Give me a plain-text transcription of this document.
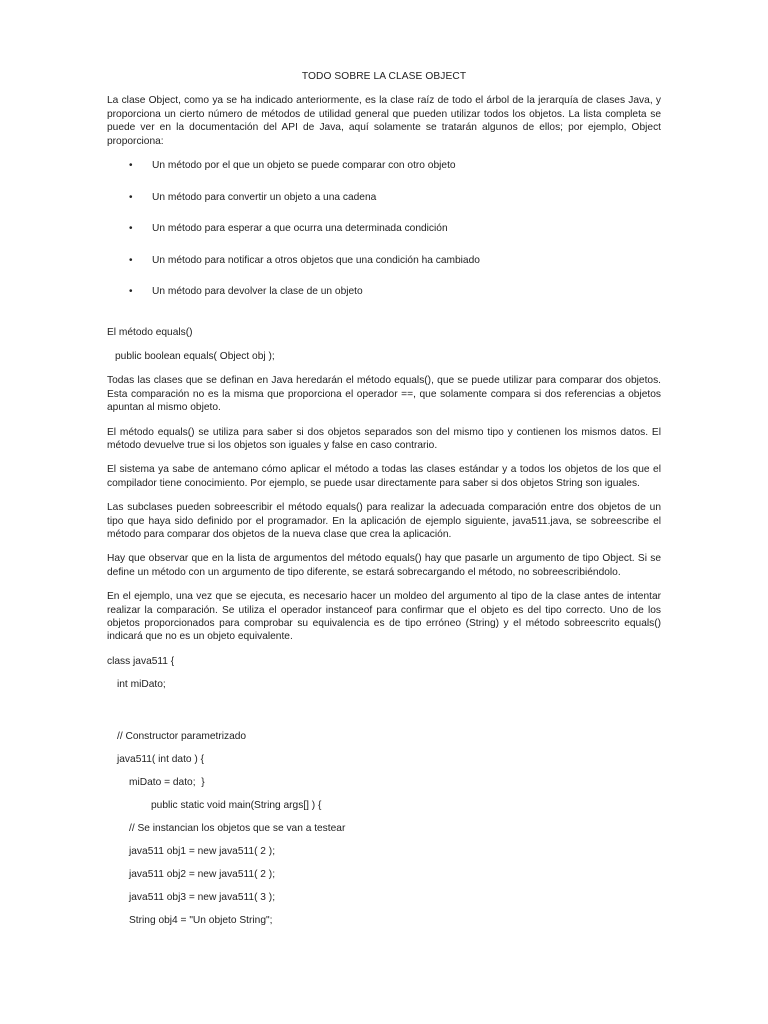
TODO SOBRE LA CLASE OBJECT
La clase Object, como ya se ha indicado anteriormente, es la clase raíz de todo el árbol de la jerarquía de clases Java, y proporciona un cierto número de métodos de utilidad general que pueden utilizar todos los objetos. La lista completa se puede ver en la documentación del API de Java, aquí solamente se tratarán algunos de ellos; por ejemplo, Object proporciona:
• Un método por el que un objeto se puede comparar con otro objeto
• Un método para convertir un objeto a una cadena
• Un método para esperar a que ocurra una determinada condición
• Un método para notificar a otros objetos que una condición ha cambiado
• Un método para devolver la clase de un objeto
El método equals()
public boolean equals( Object obj );
Todas las clases que se definan en Java heredarán el método equals(), que se puede utilizar para comparar dos objetos. Esta comparación no es la misma que proporciona el operador ==, que solamente compara si dos referencias a objetos apuntan al mismo objeto.
El método equals() se utiliza para saber si dos objetos separados son del mismo tipo y contienen los mismos datos. El método devuelve true si los objetos son iguales y false en caso contrario.
El sistema ya sabe de antemano cómo aplicar el método a todas las clases estándar y a todos los objetos de los que el compilador tiene conocimiento. Por ejemplo, se puede usar directamente para saber si dos objetos String son iguales.
Las subclases pueden sobreescribir el método equals() para realizar la adecuada comparación entre dos objetos de un tipo que haya sido definido por el programador. En la aplicación de ejemplo siguiente, java511.java, se sobreescribe el método para comparar dos objetos de la nueva clase que crea la aplicación.
Hay que observar que en la lista de argumentos del método equals() hay que pasarle un argumento de tipo Object. Si se define un método con un argumento de tipo diferente, se estará sobrecargando el método, no sobreescribiéndolo.
En el ejemplo, una vez que se ejecuta, es necesario hacer un moldeo del argumento al tipo de la clase antes de intentar realizar la comparación. Se utiliza el operador instanceof para confirmar que el objeto es del tipo correcto. Uno de los objetos proporcionados para comprobar su equivalencia es de tipo erróneo (String) y el método sobreescrito equals() indicará que no es un objeto equivalente.
class java511 {
int miDato;
// Constructor parametrizado
java511( int dato ) {
miDato = dato;  }
public static void main(String args[] ) {
// Se instancian los objetos que se van a testear
java511 obj1 = new java511( 2 );
java511 obj2 = new java511( 2 );
java511 obj3 = new java511( 3 );
String obj4 = "Un objeto String";
